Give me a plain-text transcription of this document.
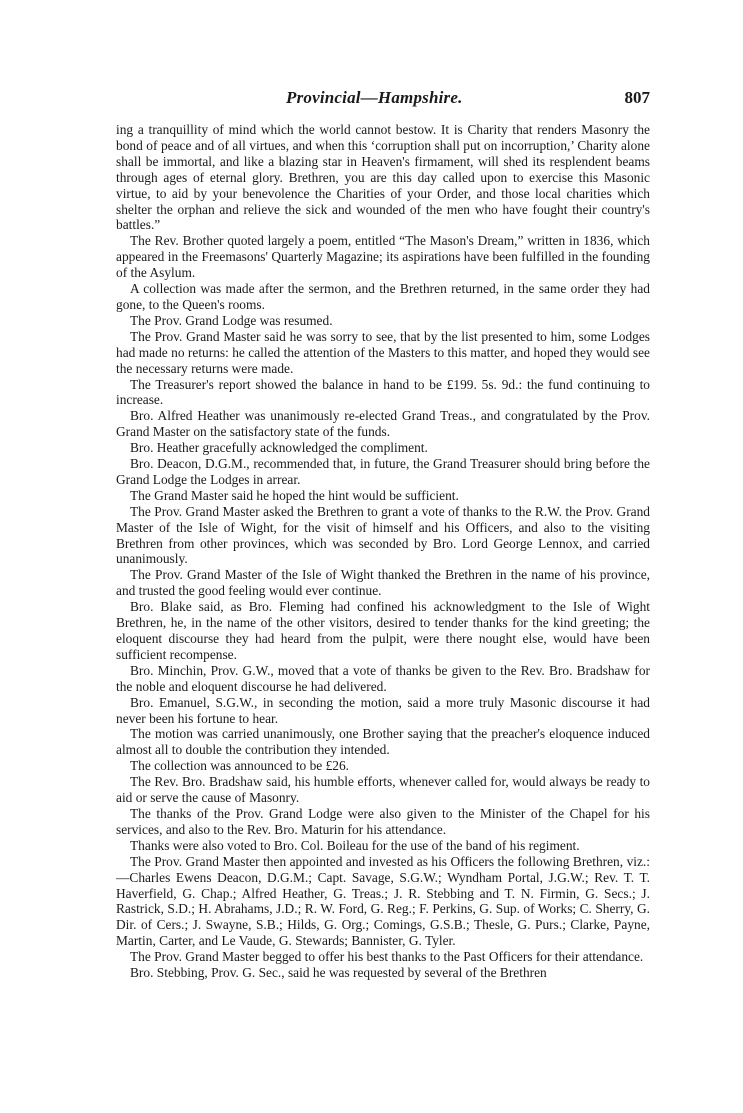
Provincial—Hampshire.	807

ing a tranquillity of mind which the world cannot bestow. It is Charity that renders Masonry the bond of peace and of all virtues, and when this ‘corruption shall put on incorruption,’ Charity alone shall be immortal, and like a blazing star in Heaven's firmament, will shed its resplendent beams through ages of eternal glory. Brethren, you are this day called upon to exercise this Masonic virtue, to aid by your benevolence the Charities of your Order, and those local charities which shelter the orphan and relieve the sick and wounded of the men who have fought their country's battles.”

The Rev. Brother quoted largely a poem, entitled “The Mason's Dream,” written in 1836, which appeared in the Freemasons' Quarterly Magazine; its aspirations have been fulfilled in the founding of the Asylum.

A collection was made after the sermon, and the Brethren returned, in the same order they had gone, to the Queen's rooms.

The Prov. Grand Lodge was resumed.

The Prov. Grand Master said he was sorry to see, that by the list presented to him, some Lodges had made no returns: he called the attention of the Masters to this matter, and hoped they would see the necessary returns were made.

The Treasurer's report showed the balance in hand to be £199. 5s. 9d.: the fund continuing to increase.

Bro. Alfred Heather was unanimously re-elected Grand Treas., and congratulated by the Prov. Grand Master on the satisfactory state of the funds.

Bro. Heather gracefully acknowledged the compliment.

Bro. Deacon, D.G.M., recommended that, in future, the Grand Treasurer should bring before the Grand Lodge the Lodges in arrear.

The Grand Master said he hoped the hint would be sufficient.

The Prov. Grand Master asked the Brethren to grant a vote of thanks to the R.W. the Prov. Grand Master of the Isle of Wight, for the visit of himself and his Officers, and also to the visiting Brethren from other provinces, which was seconded by Bro. Lord George Lennox, and carried unanimously.

The Prov. Grand Master of the Isle of Wight thanked the Brethren in the name of his province, and trusted the good feeling would ever continue.

Bro. Blake said, as Bro. Fleming had confined his acknowledgment to the Isle of Wight Brethren, he, in the name of the other visitors, desired to tender thanks for the kind greeting; the eloquent discourse they had heard from the pulpit, were there nought else, would have been sufficient recompense.

Bro. Minchin, Prov. G.W., moved that a vote of thanks be given to the Rev. Bro. Bradshaw for the noble and eloquent discourse he had delivered.

Bro. Emanuel, S.G.W., in seconding the motion, said a more truly Masonic discourse it had never been his fortune to hear.

The motion was carried unanimously, one Brother saying that the preacher's eloquence induced almost all to double the contribution they intended.

The collection was announced to be £26.

The Rev. Bro. Bradshaw said, his humble efforts, whenever called for, would always be ready to aid or serve the cause of Masonry.

The thanks of the Prov. Grand Lodge were also given to the Minister of the Chapel for his services, and also to the Rev. Bro. Maturin for his attendance.

Thanks were also voted to Bro. Col. Boileau for the use of the band of his regiment.

The Prov. Grand Master then appointed and invested as his Officers the following Brethren, viz.:—Charles Ewens Deacon, D.G.M.; Capt. Savage, S.G.W.; Wyndham Portal, J.G.W.; Rev. T. T. Haverfield, G. Chap.; Alfred Heather, G. Treas.; J. R. Stebbing and T. N. Firmin, G. Secs.; J. Rastrick, S.D.; H. Abrahams, J.D.; R. W. Ford, G. Reg.; F. Perkins, G. Sup. of Works; C. Sherry, G. Dir. of Cers.; J. Swayne, S.B.; Hilds, G. Org.; Comings, G.S.B.; Thesle, G. Purs.; Clarke, Payne, Martin, Carter, and Le Vaude, G. Stewards; Bannister, G. Tyler.

The Prov. Grand Master begged to offer his best thanks to the Past Officers for their attendance.

Bro. Stebbing, Prov. G. Sec., said he was requested by several of the Brethren
